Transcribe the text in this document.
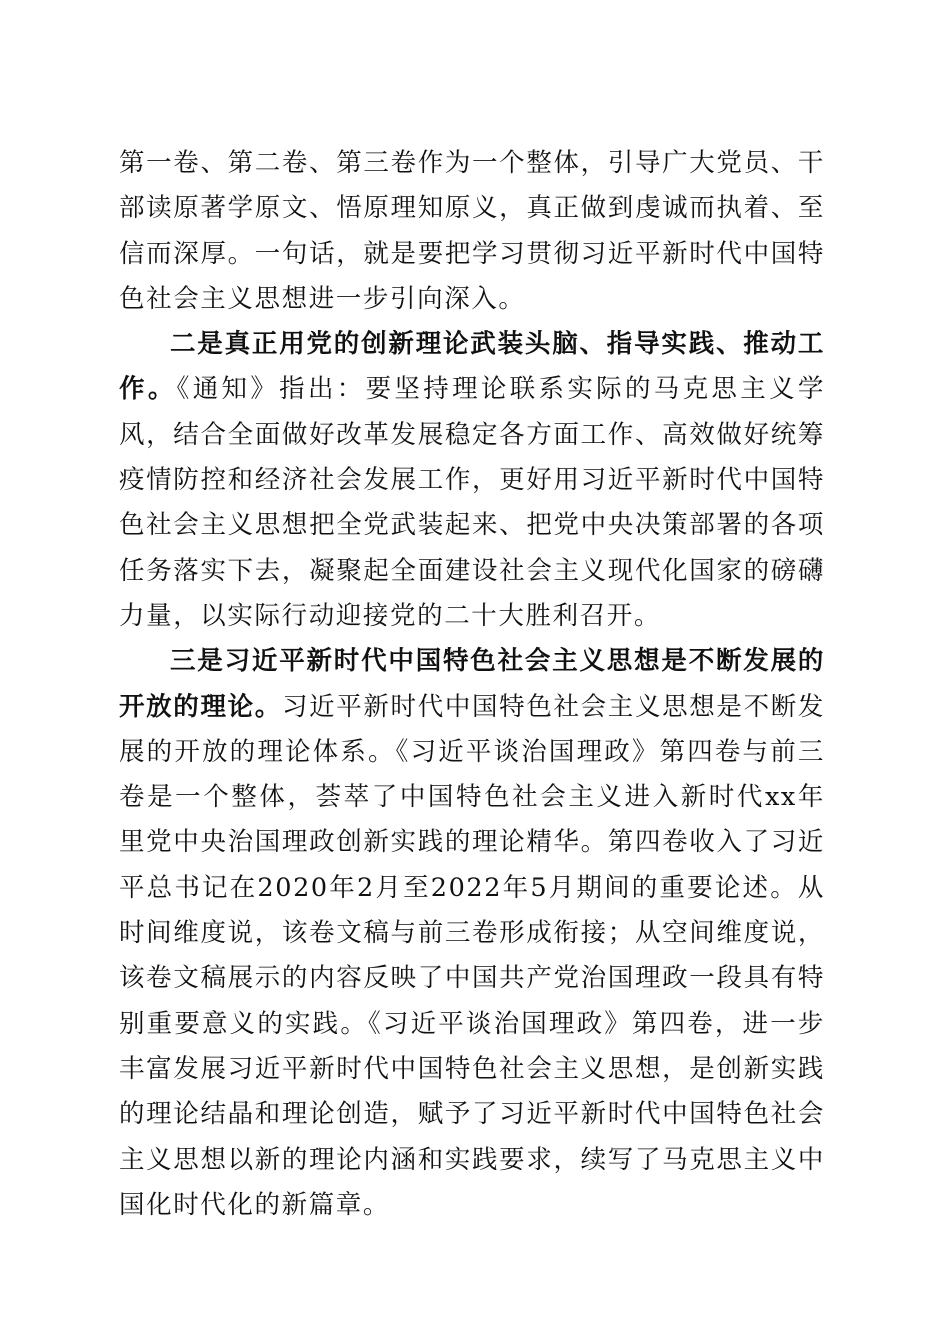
第一卷、第二卷、第三卷作为一个整体，引导广大党员、干部读原著学原文、悟原理知原义，真正做到虔诚而执着、至信而深厚。一句话，就是要把学习贯彻习近平新时代中国特色社会主义思想进一步引向深入。

二是真正用党的创新理论武装头脑、指导实践、推动工作。《通知》指出：要坚持理论联系实际的马克思主义学风，结合全面做好改革发展稳定各方面工作、高效做好统筹疫情防控和经济社会发展工作，更好用习近平新时代中国特色社会主义思想把全党武装起来、把党中央决策部署的各项任务落实下去，凝聚起全面建设社会主义现代化国家的磅礴力量，以实际行动迎接党的二十大胜利召开。

三是习近平新时代中国特色社会主义思想是不断发展的开放的理论。习近平新时代中国特色社会主义思想是不断发展的开放的理论体系。《习近平谈治国理政》第四卷与前三卷是一个整体，荟萃了中国特色社会主义进入新时代xx年里党中央治国理政创新实践的理论精华。第四卷收入了习近平总书记在2020年2月至2022年5月期间的重要论述。从时间维度说，该卷文稿与前三卷形成衔接；从空间维度说，该卷文稿展示的内容反映了中国共产党治国理政一段具有特别重要意义的实践。《习近平谈治国理政》第四卷，进一步丰富发展习近平新时代中国特色社会主义思想，是创新实践的理论结晶和理论创造，赋予了习近平新时代中国特色社会主义思想以新的理论内涵和实践要求，续写了马克思主义中国化时代化的新篇章。
